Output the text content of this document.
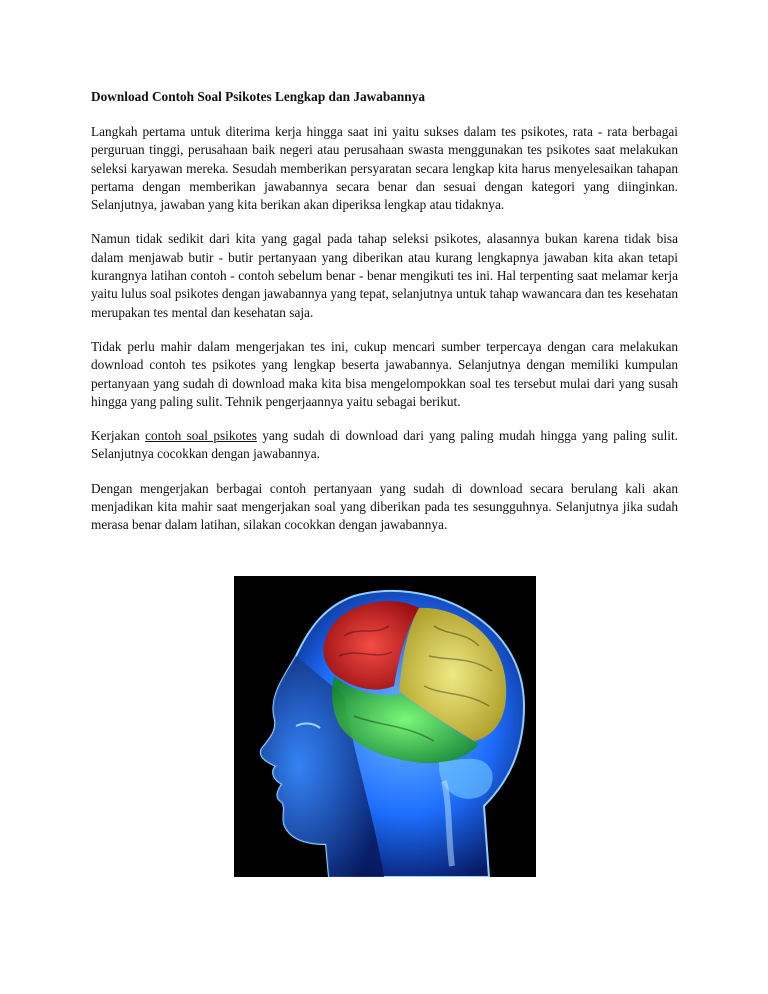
Download Contoh Soal Psikotes Lengkap dan Jawabannya

Langkah pertama untuk diterima kerja hingga saat ini yaitu sukses dalam tes psikotes, rata - rata berbagai perguruan tinggi, perusahaan baik negeri atau perusahaan swasta menggunakan tes psikotes saat melakukan seleksi karyawan mereka. Sesudah memberikan persyaratan secara lengkap kita harus menyelesaikan tahapan pertama dengan memberikan jawabannya secara benar dan sesuai dengan kategori yang diinginkan. Selanjutnya, jawaban yang kita berikan akan diperiksa lengkap atau tidaknya.

Namun tidak sedikit dari kita yang gagal pada tahap seleksi psikotes, alasannya bukan karena tidak bisa dalam menjawab butir - butir pertanyaan yang diberikan atau kurang lengkapnya jawaban kita akan tetapi kurangnya latihan contoh - contoh sebelum benar - benar mengikuti tes ini. Hal terpenting saat melamar kerja yaitu lulus soal psikotes dengan jawabannya yang tepat, selanjutnya untuk tahap wawancara dan tes kesehatan merupakan tes mental dan kesehatan saja.

Tidak perlu mahir dalam mengerjakan tes ini, cukup mencari sumber terpercaya dengan cara melakukan download contoh tes psikotes yang lengkap beserta jawabannya. Selanjutnya dengan memiliki kumpulan pertanyaan yang sudah di download maka kita bisa mengelompokkan soal tes tersebut mulai dari yang susah hingga yang paling sulit. Tehnik pengerjaannya yaitu sebagai berikut.

Kerjakan contoh soal psikotes yang sudah di download dari yang paling mudah hingga yang paling sulit. Selanjutnya cocokkan dengan jawabannya.

Dengan mengerjakan berbagai contoh pertanyaan yang sudah di download secara berulang kali akan menjadikan kita mahir saat mengerjakan soal yang diberikan pada tes sesungguhnya. Selanjutnya jika sudah merasa benar dalam latihan, silakan cocokkan dengan jawabannya.
